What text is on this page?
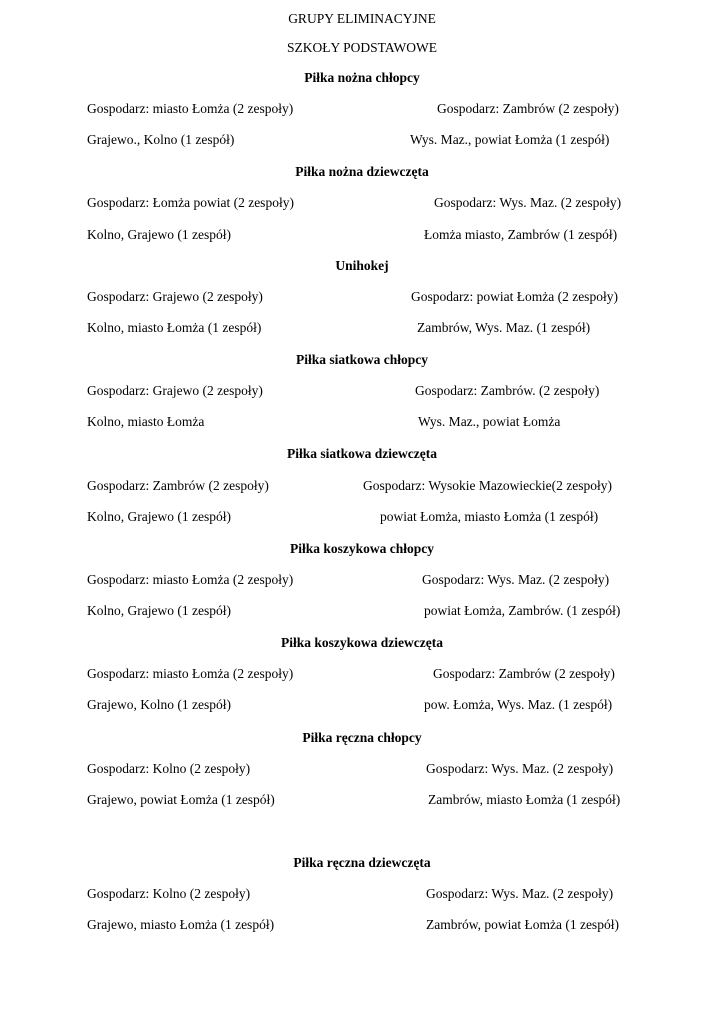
GRUPY ELIMINACYJNE
SZKOŁY PODSTAWOWE
Piłka nożna chłopcy
Gospodarz: miasto Łomża (2 zespoły)	Gospodarz: Zambrów (2 zespoły)
Grajewo., Kolno (1 zespół)	Wys. Maz., powiat Łomża (1 zespół)
Piłka nożna dziewczęta
Gospodarz: Łomża powiat (2 zespoły)	Gospodarz: Wys. Maz. (2 zespoły)
Kolno, Grajewo (1 zespół)	Łomża miasto, Zambrów (1 zespół)
Unihokej
Gospodarz: Grajewo (2 zespoły)	Gospodarz: powiat Łomża (2 zespoły)
Kolno, miasto Łomża (1 zespół)	Zambrów, Wys. Maz. (1 zespół)
Piłka siatkowa chłopcy
Gospodarz: Grajewo (2 zespoły)	Gospodarz: Zambrów. (2 zespoły)
Kolno, miasto Łomża	Wys. Maz., powiat Łomża
Piłka siatkowa dziewczęta
Gospodarz: Zambrów (2 zespoły)	Gospodarz: Wysokie Mazowieckie(2 zespoły)
Kolno, Grajewo (1 zespół)	powiat Łomża, miasto Łomża (1 zespół)
Piłka koszykowa chłopcy
Gospodarz: miasto Łomża (2 zespoły)	Gospodarz: Wys. Maz. (2 zespoły)
Kolno, Grajewo (1 zespół)	powiat Łomża, Zambrów. (1 zespół)
Piłka koszykowa dziewczęta
Gospodarz: miasto Łomża (2 zespoły)	Gospodarz: Zambrów (2 zespoły)
Grajewo, Kolno (1 zespół)	pow. Łomża, Wys. Maz. (1 zespół)
Piłka ręczna chłopcy
Gospodarz: Kolno (2 zespoły)	Gospodarz: Wys. Maz. (2 zespoły)
Grajewo, powiat Łomża (1 zespół)	Zambrów, miasto Łomża (1 zespół)
Piłka ręczna dziewczęta
Gospodarz: Kolno (2 zespoły)	Gospodarz: Wys. Maz. (2 zespoły)
Grajewo, miasto Łomża (1 zespół)	Zambrów, powiat Łomża (1 zespół)
